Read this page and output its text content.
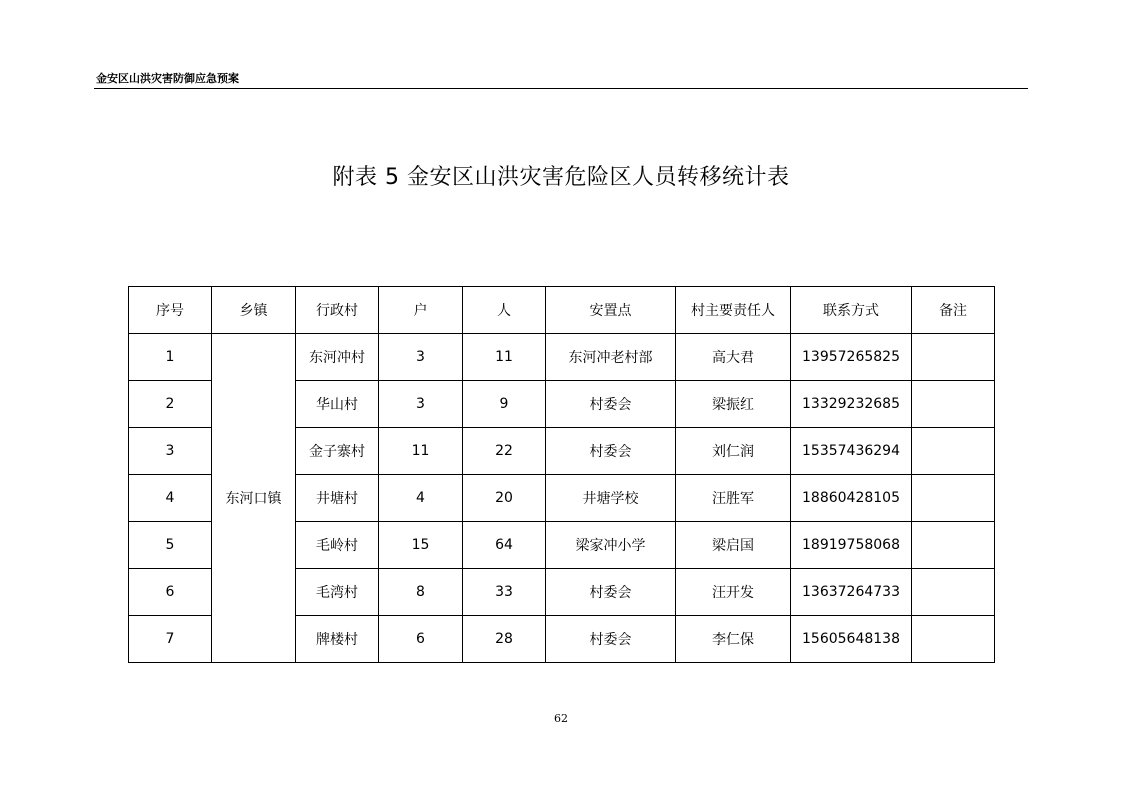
金安区山洪灾害防御应急预案
附表 5 金安区山洪灾害危险区人员转移统计表
序号	乡镇	行政村	户	人	安置点	村主要责任人	联系方式	备注
1	东河口镇	东河冲村	3	11	东河冲老村部	高大君	13957265825	
2		华山村	3	9	村委会	梁振红	13329232685	
3		金子寨村	11	22	村委会	刘仁润	15357436294	
4		井塘村	4	20	井塘学校	汪胜军	18860428105	
5		毛岭村	15	64	梁家冲小学	梁启国	18919758068	
6		毛湾村	8	33	村委会	汪开发	13637264733	
7		牌楼村	6	28	村委会	李仁保	15605648138	
62
